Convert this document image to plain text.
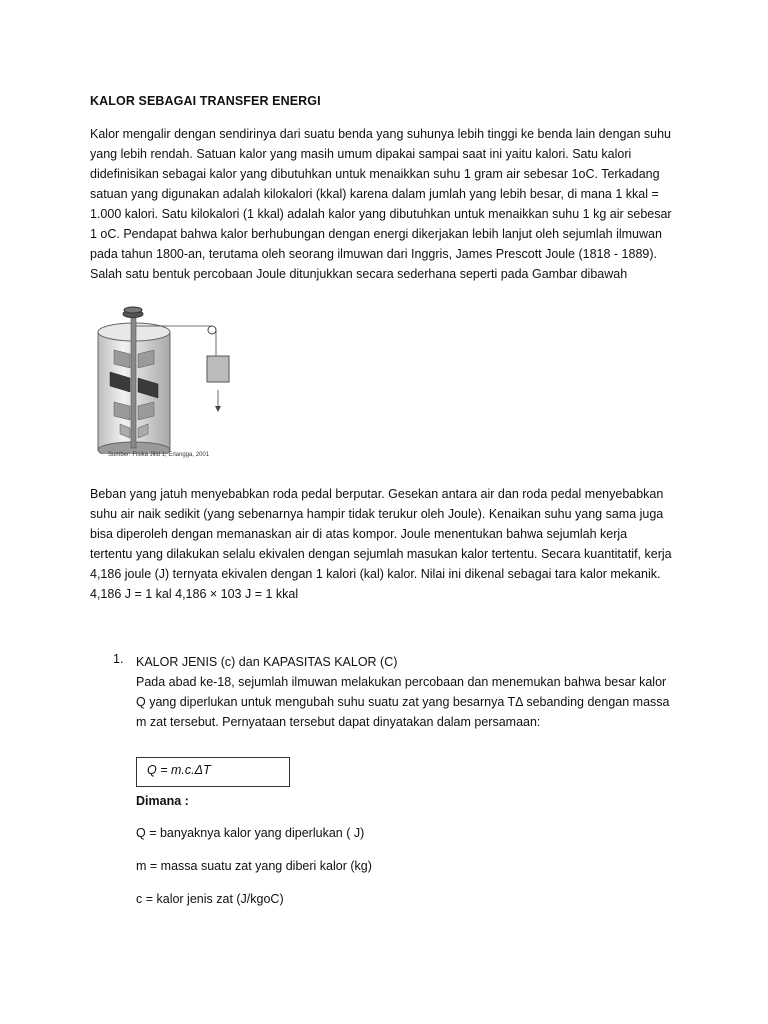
KALOR SEBAGAI TRANSFER ENERGI
Kalor mengalir dengan sendirinya dari suatu benda yang suhunya lebih tinggi ke benda lain dengan suhu
yang lebih rendah. Satuan kalor yang masih umum dipakai sampai saat ini yaitu kalori. Satu kalori
didefinisikan sebagai kalor yang dibutuhkan untuk menaikkan suhu 1 gram air sebesar 1oC. Terkadang
satuan yang digunakan adalah kilokalori (kkal) karena dalam jumlah yang lebih besar, di mana 1 kkal =
1.000 kalori. Satu kilokalori (1 kkal) adalah kalor yang dibutuhkan untuk menaikkan suhu 1 kg air sebesar
1 oC. Pendapat bahwa kalor berhubungan dengan energi dikerjakan lebih lanjut oleh sejumlah ilmuwan
pada tahun 1800-an, terutama oleh seorang ilmuwan dari Inggris, James Prescott Joule (1818 - 1889).
Salah satu bentuk percobaan Joule ditunjukkan secara sederhana seperti pada Gambar dibawah
Sumber: Fisika Jilid 1, Erlangga, 2001
Beban yang jatuh menyebabkan roda pedal berputar. Gesekan antara air dan roda pedal menyebabkan
suhu air naik sedikit (yang sebenarnya hampir tidak terukur oleh Joule). Kenaikan suhu yang sama juga
bisa diperoleh dengan memanaskan air di atas kompor. Joule menentukan bahwa sejumlah kerja
tertentu yang dilakukan selalu ekivalen dengan sejumlah masukan kalor tertentu. Secara kuantitatif, kerja
4,186 joule (J) ternyata ekivalen dengan 1 kalori (kal) kalor. Nilai ini dikenal sebagai tara kalor mekanik.
4,186 J = 1 kal 4,186 × 103 J = 1 kkal
1. KALOR JENIS (c) dan KAPASITAS KALOR (C)
Pada abad ke-18, sejumlah ilmuwan melakukan percobaan dan menemukan bahwa besar kalor
Q yang diperlukan untuk mengubah suhu suatu zat yang besarnya TΔ sebanding dengan massa
m zat tersebut. Pernyataan tersebut dapat dinyatakan dalam persamaan:
Q = m.c.ΔT
Dimana :
Q = banyaknya kalor yang diperlukan ( J)
m = massa suatu zat yang diberi kalor (kg)
c = kalor jenis zat (J/kgoC)
